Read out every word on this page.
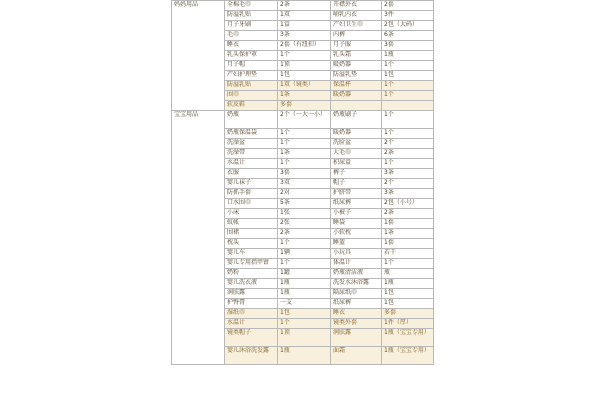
妈妈用品	全棉毛巾	2条	开襟外衣	2套
	防溢乳贴	1双	哺乳内衣	3件
	月子牙刷	1盒	产妇卫生巾	2包（大码）
	毛巾	3条	内裤	6条
	睡衣	2套（有纽扣）	月子服	3套
	乳头保护罩	1个	乳头霜	1瓶
	月子帽	1顶	吸奶器	1个
	产妇护理垫	1包	防溢乳垫	1包
	防溢乳贴	1双（镜类）	保温杯	1个
	围巾	1条	暖奶器	1个
	软皮鞋	多套		
宝宝用品	奶瓶	2个（一大一小）	奶瓶刷子	1个
	奶瓶保温袋	1个	暖奶器	1个
	洗澡盆	1个	洗脸盆	2个
	洗澡带	1条	大毛巾	2条
	水温计	1个	积尿盒	1个
	衣服	3套	裤子	3条
	婴儿袜子	3双	帽子	2个
	防抓手套	2对	护脐带	3条
	口水围巾	5条	纸尿裤	2包（小号）
	小床	1张	小被子	2条
	蚊帐	2张	睡袋	1套
	围裙	2条	小软枕	1条
	枕头	1个	睡篮	1套
	婴儿车	1辆	小玩具	若干
	婴儿专用指甲钳	1个	体温计	1个
	奶粉	1罐	奶瓶清洁液	瓶
	婴儿洗衣液	1瓶	洗发水沐浴露	1瓶
	润肤露	1瓶	隔尿纸巾	1包
	护臀膏	一支	纸尿裤	1包
	湿纸巾	1包	睡衣	多套
	水温计	1个	镜类外套	1件（厚）
	镜类帽子	1顶	润肤露	1瓶（宝宝专用）
	婴儿沐浴洗发露	1瓶	面霜	1瓶（宝宝专用）
